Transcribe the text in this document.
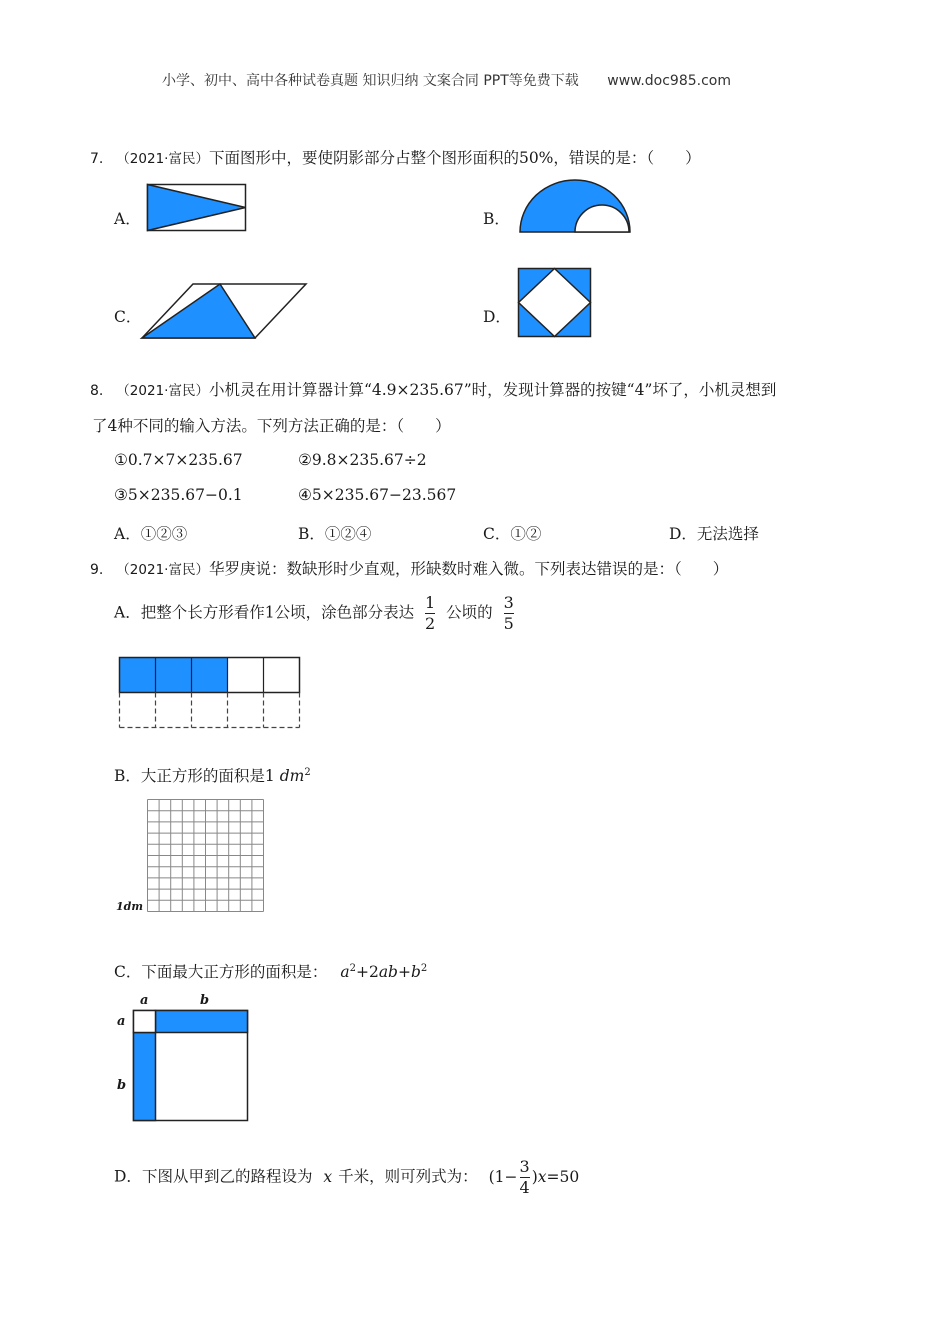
小学、初中、高中各种试卷真题 知识归纳 文案合同 PPT等免费下载 www.doc985.com
7. （2021·富民）下面图形中，要使阴影部分占整个图形面积的50%，错误的是：（　　）
A．	B．
C．	D．
8. （2021·富民）小机灵在用计算器计算“4.9×235.67”时，发现计算器的按键“4”坏了，小机灵想到
了4种不同的输入方法。下列方法正确的是：（　　）
①0.7×7×235.67	②9.8×235.67÷2
③5×235.67−0.1	④5×235.67−23.567
A．①②③	B．①②④	C．①②	D．无法选择
9. （2021·富民）华罗庚说：数缺形时少直观，形缺数时难入微。下列表达错误的是：（　　）
A．把整个长方形看作1公顷，涂色部分表达 $\frac{1}{2}$ 公顷的 $\frac{3}{5}$
B．大正方形的面积是1 $dm^2$
1dm
C．下面最大正方形的面积是： $a^2+2ab+b^2$
a	b
a
b
D．下图从甲到乙的路程设为 x 千米，则可列式为： $(1- \frac{3}{4} )x=50$
